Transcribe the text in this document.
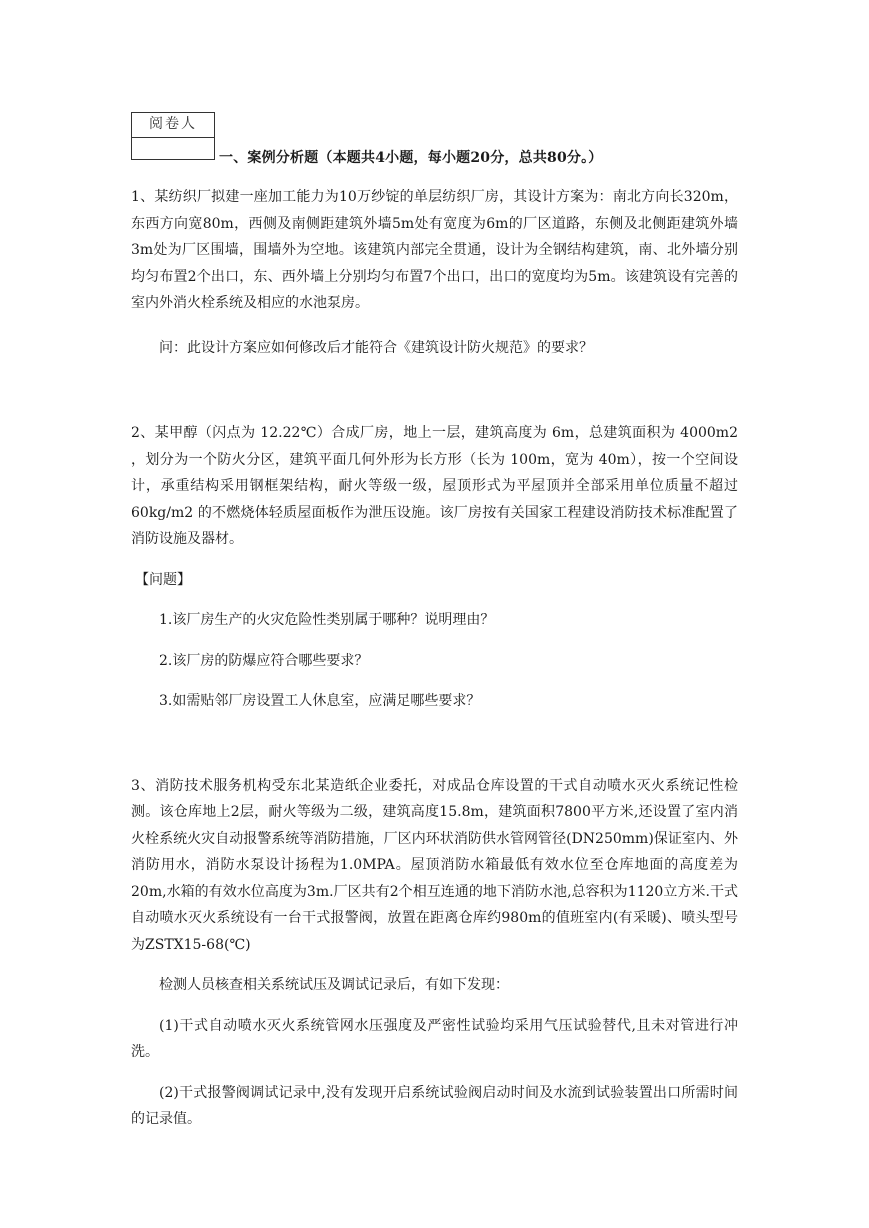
阅卷人
一、案例分析题（本题共4小题，每小题20分，总共80分。）

1、某纺织厂拟建一座加工能力为10万纱锭的单层纺织厂房，其设计方案为：南北方向长320m，东西方向宽80m，西侧及南侧距建筑外墙5m处有宽度为6m的厂区道路，东侧及北侧距建筑外墙3m处为厂区围墙，围墙外为空地。该建筑内部完全贯通，设计为全钢结构建筑，南、北外墙分别均匀布置2个出口，东、西外墙上分别均匀布置7个出口，出口的宽度均为5m。该建筑设有完善的室内外消火栓系统及相应的水池泵房。

问：此设计方案应如何修改后才能符合《建筑设计防火规范》的要求？

2、某甲醇（闪点为 12.22℃）合成厂房，地上一层，建筑高度为 6m，总建筑面积为 4000m2 ，划分为一个防火分区，建筑平面几何外形为长方形（长为 100m，宽为 40m），按一个空间设计，承重结构采用钢框架结构，耐火等级一级，屋顶形式为平屋顶并全部采用单位质量不超过 60kg/m2 的不燃烧体轻质屋面板作为泄压设施。该厂房按有关国家工程建设消防技术标准配置了消防设施及器材。

【问题】

1.该厂房生产的火灾危险性类别属于哪种？说明理由？

2.该厂房的防爆应符合哪些要求？

3.如需贴邻厂房设置工人休息室，应满足哪些要求？

3、消防技术服务机构受东北某造纸企业委托，对成品仓库设置的干式自动喷水灭火系统记性检测。该仓库地上2层，耐火等级为二级，建筑高度15.8m，建筑面积7800平方米,还设置了室内消火栓系统火灾自动报警系统等消防措施，厂区内环状消防供水管网管径(DN250mm)保证室内、外消防用水，消防水泵设计扬程为1.0MPA。屋顶消防水箱最低有效水位至仓库地面的高度差为20m,水箱的有效水位高度为3m.厂区共有2个相互连通的地下消防水池,总容积为1120立方米.干式自动喷水灭火系统设有一台干式报警阀，放置在距离仓库约980m的值班室内(有采暖)、喷头型号为ZSTX15-68(℃)

检测人员核查相关系统试压及调试记录后，有如下发现：

(1)干式自动喷水灭火系统管网水压强度及严密性试验均采用气压试验替代,且未对管进行冲洗。

(2)干式报警阀调试记录中,没有发现开启系统试验阀启动时间及水流到试验装置出口所需时间的记录值。
